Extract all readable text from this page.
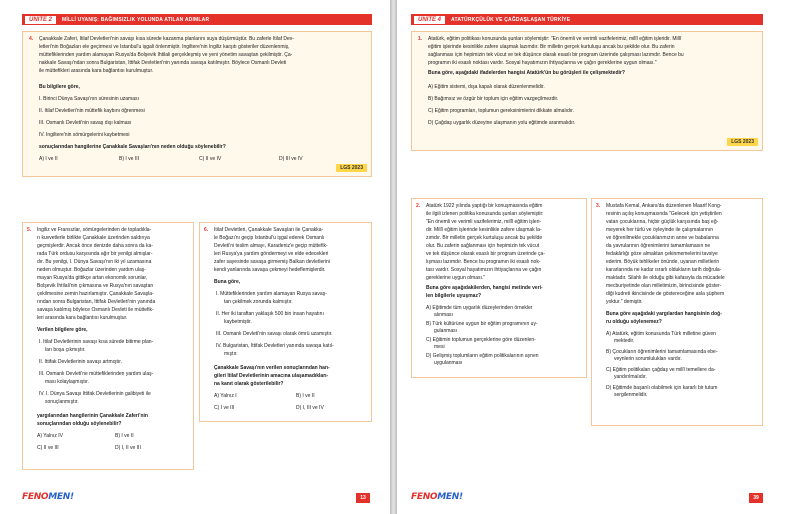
ÜNİTE 2	MİLLİ UYANIŞ: BAĞIMSIZLIK YOLUNDA ATILAN ADIMLAR
4. Çanakkale Zaferi, İtilaf Devletleri'nin savaşı kısa sürede kazanma planlarını suya düşürmüştür. Bu zaferle İtilaf Dev-
letleri'nin Boğazları ele geçirmesi ve İstanbul'u işgali önlenmiştir. İngiltere'nin İngiliz karşıtı gösteriler düzenlenmiş,
müttefiklerinden yardım alamayan Rusya'da Bolşevik İhtilali gerçekleşmiş ve yeni yönetim savaştan çekilmiştir. Ça-
nakkale Savaşı'ndan sonra Bulgaristan, İttifak Devletleri'nin yanında savaşa katılmıştır. Böylece Osmanlı Devleti
ile müttefikleri arasında kara bağlantısı kurulmuştur.
Bu bilgilere göre,
I. Birinci Dünya Savaşı'nın süresinin uzaması
II. İtilaf Devletleri'nin müttefik kaybını öğrenmesi
III. Osmanlı Devleti'nin savaş dışı kalması
IV. İngiltere'nin sömürgelerini kaybetmesi
sonuçlarından hangilerine Çanakkale Savaşları'nın neden olduğu söylenebilir?
A) I ve II	B) I ve III	C) II ve IV	D) III ve IV
LGS 2023
5. İngiliz ve Fransızlar, sömürgelerinden de topladıkla-
rı kuvvetlerle birlikte Çanakkale üzerinden saldırıya
geçmişlerdir. Ancak önce denizde daha sonra da ka-
rada Türk ordusu karşısında ağır bir yenilgi almışlar-
dır. Bu yenilgi, I. Dünya Savaşı'nın iki yıl uzamasına
neden olmuştur. Boğazlar üzerinden yardım ulaş-
mayan Rusya'da gittikçe artan ekonomik sorunlar,
Bolşevik İhtilali'nin çıkmasına ve Rusya'nın savaştan
çekilmesine zemin hazırlamıştır. Çanakkale Savaşla-
rından sonra Bulgaristan, İttifak Devletleri'nin yanında
savaşa katılmış böylece Osmanlı Devleti ile müttefik-
leri arasında kara bağlantısı kurulmuştur.
Verilen bilgilere göre,
I. İtilaf Devletlerinin savaşı kısa sürede bitirme plan-
ları boşa çıkmıştır.
II. İttifak Devletlerinin savaşı artmıştır.
III. Osmanlı Devleti'ne müttefiklerinden yardım ulaş-
ması kolaylaşmıştır.
IV. I. Dünya Savaşı İttifak Devletlerinin galibiyeti ile
sonuçlanmıştır.
yargılarından hangilerinin Çanakkale Zaferi'nin
sonuçlarından olduğu söylenebilir?
A) Yalnız IV	B) I ve II
C) II ve III	D) I, II ve III
6. İtilaf Devletleri, Çanakkale Savaşları ile Çanakka-
le Boğazı'nı geçip İstanbul'u işgal ederek Osmanlı
Devleti'ni teslim almayı, Karadeniz'e geçip müttefik-
leri Rusya'ya yardım göndermeyi ve elde edecekleri
zafer sayesinde savaşa girmemiş Balkan devletlerini
kendi yanlarında savaşa çekmeyi hedeflemişlerdir.
Buna göre,
I. Müttefiklerinden yardım alamayan Rusya savaş-
tan çekilmek zorunda kalmıştır.
II. Her iki taraftan yaklaşık 500 bin insan hayatını
kaybetmiştir.
III. Osmanlı Devleti'nin savaşı olarak ömrü uzamıştır.
IV. Bulgaristan, İttifak Devletleri yanında savaşa katıl-
mıştır.
Çanakkale Savaşı'nın verilen sonuçlarından han-
gileri İtilaf Devletlerinin amacına ulaşamadıkları-
na kanıt olarak gösterilebilir?
A) Yalnız I	B) I ve II
C) I ve III	D) I, III ve IV
FENOMEN!	13
ÜNİTE 4	ATATÜRKÇÜLÜK VE ÇAĞDAŞLAŞAN TÜRKİYE
1. Atatürk, eğitim politikası konusunda şunları söylemiştir: "En önemli ve verimli vazifelerimiz, millî eğitim işleridir. Millî
eğitim işlerinde kesinlikle zafere ulaşmak lazımdır. Bir milletin gerçek kurtuluşu ancak bu şekilde olur. Bu zaferin
sağlanması için hepimizin tek vücut ve tek düşünce olarak esaslı bir program üzerinde çalışması lazımdır. Bence bu
programın iki esaslı noktası vardır. Sosyal hayatımızın ihtiyaçlarına ve çağın gereklerine uygun olması."
Buna göre, aşağıdaki ifadelerden hangisi Atatürk'ün bu görüşleri ile çelişmektedir?
A) Eğitim sistemi, dışa kapalı olarak düzenlenmelidir.
B) Bağımsız ve özgür bir toplum için eğitim vazgeçilmezdir.
C) Eğitim programları, toplumun gereksinimlerini dikkate almalıdır.
D) Çağdaş uygarlık düzeyine ulaşmanın yolu eğitimde aranmalıdır.
LGS 2023
2. Atatürk 1922 yılında yaptığı bir konuşmasında eğitim
ile ilgili izlenen politika konusunda şunları söylemiştir:
"En önemli ve verimli vazifelerimiz, millî eğitim işleri-
dir. Millî eğitim işlerinde kesinlikle zafere ulaşmak la-
zımdır. Bir milletin gerçek kurtuluşu ancak bu şekilde
olur. Bu zaferin sağlanması için hepimizin tek vücut
ve tek düşünce olarak esaslı bir program üzerinde ça-
lışması lazımdır. Bence bu programın iki esaslı nok-
tası vardır. Sosyal hayatımızın ihtiyaçlarına ve çağın
gereklerine uygun olması."
Buna göre aşağıdakilerden, hangisi metinde veri-
len bilgilerle uyuşmaz?
A) Eğitimde tüm uygarlık düzeylerinden örnekler
alınması
B) Türk kültürüne uygun bir eğitim programının uy-
gulanması
C) Eğitimin toplumun gerçeklerine göre düzenlen-
mesi
D) Gelişmiş toplumların eğitim politikalarının aynen
uygulanması
3. Mustafa Kemal, Ankara'da düzenlenen Maarif Kong-
resinin açılış konuşmasında "Gelecek için yetiştirilen
vatan çocuklarına, hiçbir güçlük karşısında baş eğ-
meyerek her türlü ve öyleyinde ile çalışmalarının
ve öğrenilmekle çocuklarımızın anne ve babalarına
da yavrularının öğrenimlerini tamamlamasın ne
fedakârlığı göze almaktan çekinmemelerini tavsiye
ederim. Böyük tehlikeler önünde, uyanan milletlerin
kararlarında ne kadar ısrarlı oldukların tarih doğrula-
maktadır. Silahlı ile olduğu gibi kafasıyla da mücadele
mecburiyetinde olan milletimizin, birincisinde göster-
diği kudreti ikincisinde de göstereceğine asla şüphem
yoktur." demiştir.
Buna göre aşağıdaki yargılardan hangisinin doğ-
ru olduğu söylenemez?
A) Atatürk, eğitim konusunda Türk milletine güven
mektedir.
B) Çocukların öğrenimlerini tamamlamasında ebe-
veynlerin sorumlulukları vardır.
C) Eğitim politikaları çağdaş ve millî temellere da-
yandırılmalıdır.
D) Eğitimde başarılı olabilmek için kararlı bir tutum
sergilenmelidir.
FENOMEN!	39
